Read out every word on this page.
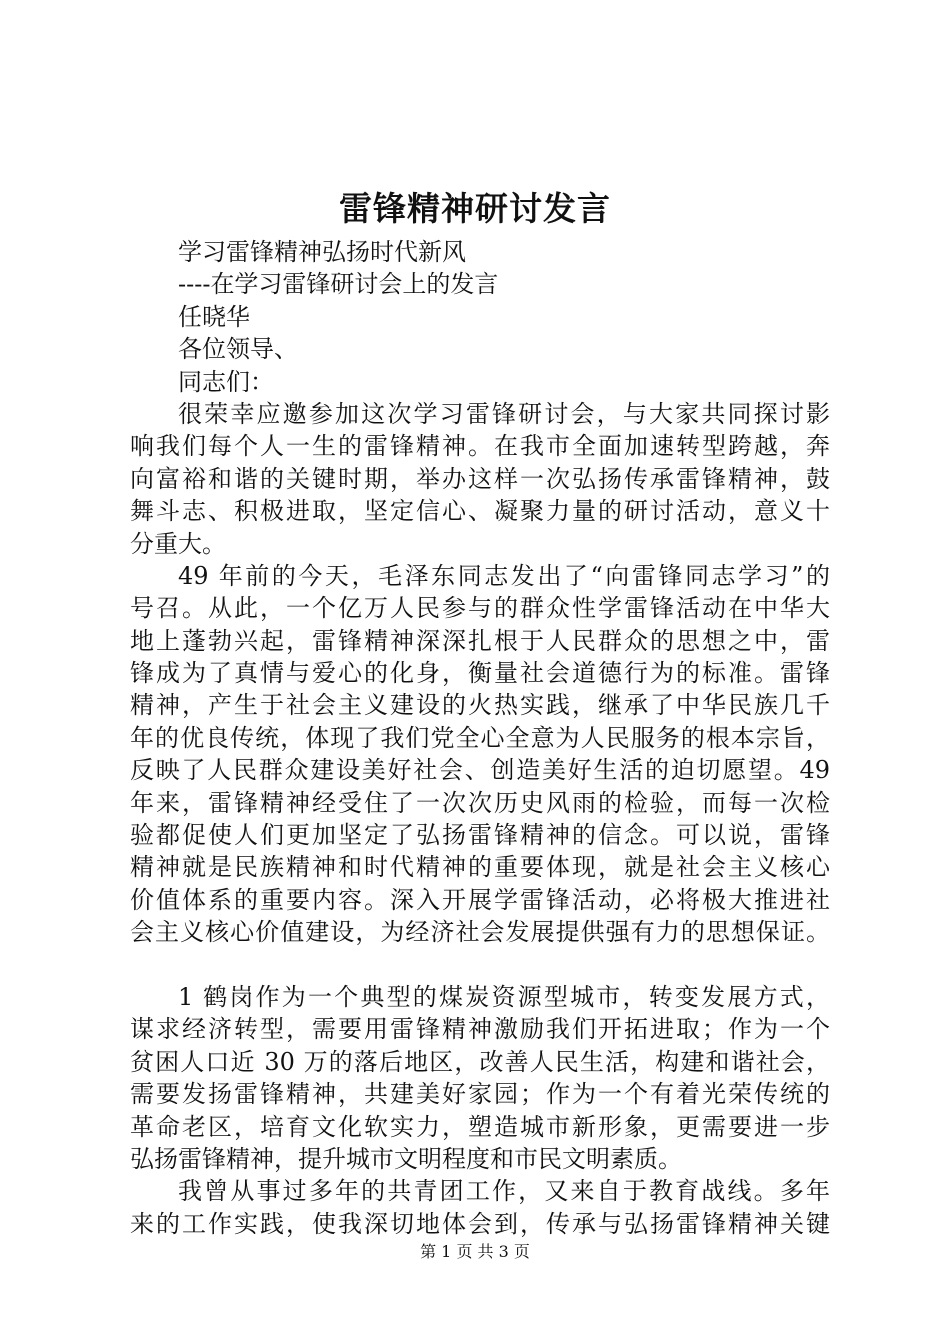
雷锋精神研讨发言
学习雷锋精神弘扬时代新风
----在学习雷锋研讨会上的发言
任晓华
各位领导、
同志们：
很荣幸应邀参加这次学习雷锋研讨会，与大家共同探讨影
响我们每个人一生的雷锋精神。在我市全面加速转型跨越，奔
向富裕和谐的关键时期，举办这样一次弘扬传承雷锋精神，鼓
舞斗志、积极进取，坚定信心、凝聚力量的研讨活动，意义十
分重大。
49 年前的今天，毛泽东同志发出了“向雷锋同志学习”的
号召。从此，一个亿万人民参与的群众性学雷锋活动在中华大
地上蓬勃兴起，雷锋精神深深扎根于人民群众的思想之中，雷
锋成为了真情与爱心的化身，衡量社会道德行为的标准。雷锋
精神，产生于社会主义建设的火热实践，继承了中华民族几千
年的优良传统，体现了我们党全心全意为人民服务的根本宗旨，
反映了人民群众建设美好社会、创造美好生活的迫切愿望。49
年来，雷锋精神经受住了一次次历史风雨的检验，而每一次检
验都促使人们更加坚定了弘扬雷锋精神的信念。可以说，雷锋
精神就是民族精神和时代精神的重要体现，就是社会主义核心
价值体系的重要内容。深入开展学雷锋活动，必将极大推进社
会主义核心价值建设，为经济社会发展提供强有力的思想保证。
1 鹤岗作为一个典型的煤炭资源型城市，转变发展方式，
谋求经济转型，需要用雷锋精神激励我们开拓进取；作为一个
贫困人口近 30 万的落后地区，改善人民生活，构建和谐社会，
需要发扬雷锋精神，共建美好家园；作为一个有着光荣传统的
革命老区，培育文化软实力，塑造城市新形象，更需要进一步
弘扬雷锋精神，提升城市文明程度和市民文明素质。
我曾从事过多年的共青团工作，又来自于教育战线。多年
来的工作实践，使我深切地体会到，传承与弘扬雷锋精神关键
第 1 页 共 3 页
